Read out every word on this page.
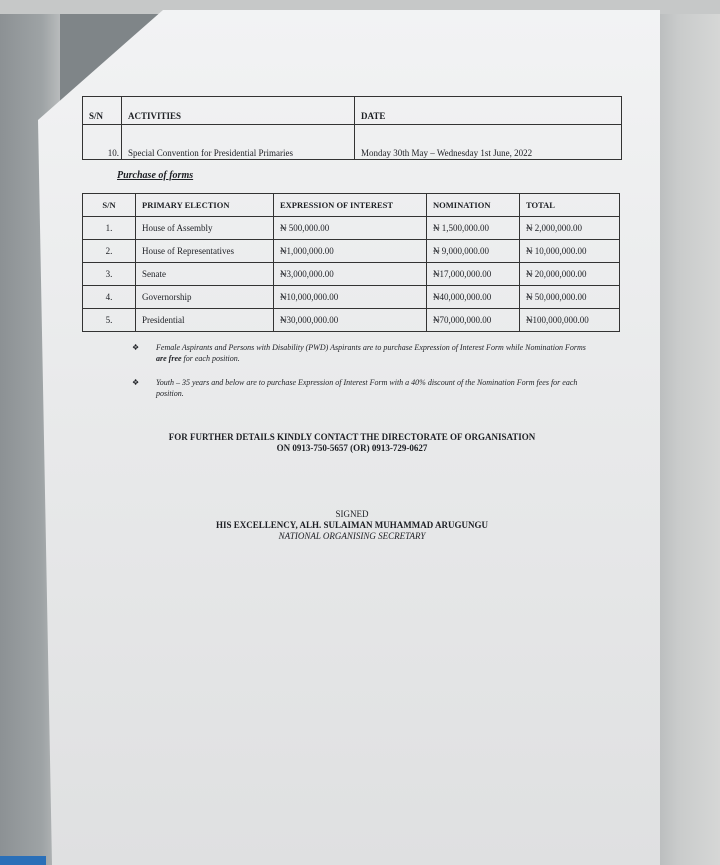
S/N	ACTIVITIES	DATE
10.	Special Convention for Presidential Primaries	Monday 30th May – Wednesday 1st June, 2022
Purchase of forms
S/N	PRIMARY ELECTION	EXPRESSION OF INTEREST	NOMINATION	TOTAL
1.	House of Assembly	₦ 500,000.00	₦ 1,500,000.00	₦ 2,000,000.00
2.	House of Representatives	₦1,000,000.00	₦ 9,000,000.00	₦ 10,000,000.00
3.	Senate	₦3,000,000.00	₦17,000,000.00	₦ 20,000,000.00
4.	Governorship	₦10,000,000.00	₦40,000,000.00	₦ 50,000,000.00
5.	Presidential	₦30,000,000.00	₦70,000,000.00	₦100,000,000.00
❖	Female Aspirants and Persons with Disability (PWD) Aspirants are to purchase Expression of Interest Form while Nomination Forms are free for each position.
❖	Youth – 35 years and below are to purchase Expression of Interest Form with a 40% discount of the Nomination Form fees for each position.
FOR FURTHER DETAILS KINDLY CONTACT THE DIRECTORATE OF ORGANISATION
ON 0913-750-5657 (OR) 0913-729-0627
SIGNED
HIS EXCELLENCY, ALH. SULAIMAN MUHAMMAD ARUGUNGU
NATIONAL ORGANISING SECRETARY
